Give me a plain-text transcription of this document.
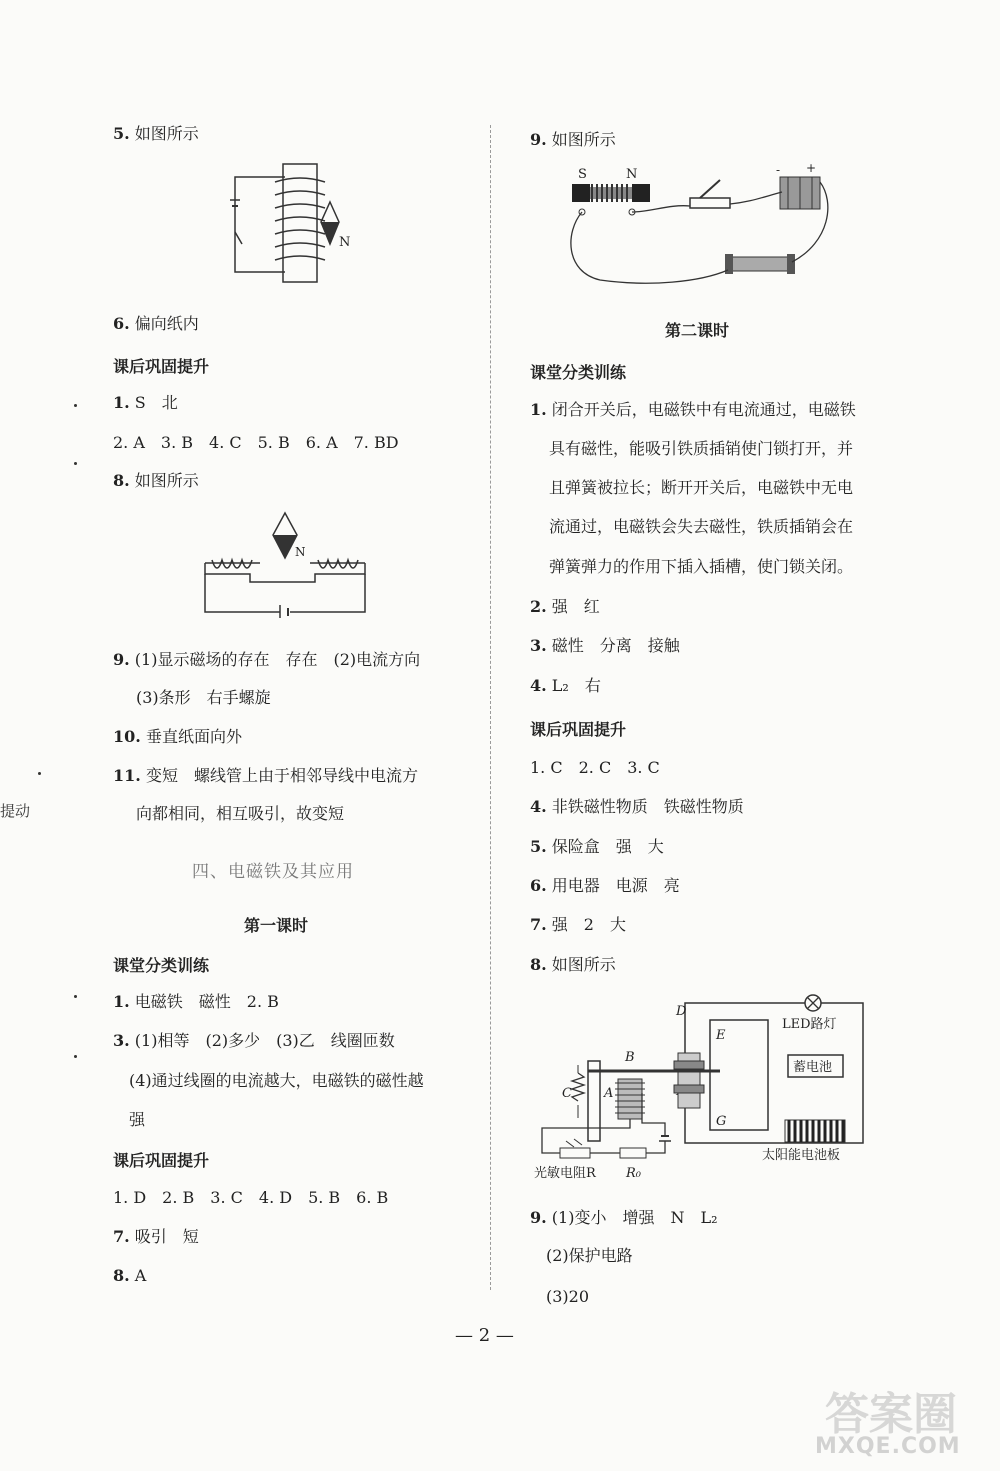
5. 如图所示
N
6. 偏向纸内
课后巩固提升
1. S　北
2. A　3. B　4. C　5. B　6. A　7. BD
8. 如图所示
N
9. (1)显示磁场的存在　存在　(2)电流方向
(3)条形　右手螺旋
10. 垂直纸面向外
11. 变短　螺线管上由于相邻导线中电流方
向都相同，相互吸引，故变短
四、电磁铁及其应用
第一课时
课堂分类训练
1. 电磁铁　磁性　2. B
3. (1)相等　(2)多少　(3)乙　线圈匝数
(4)通过线圈的电流越大，电磁铁的磁性越
强
课后巩固提升
1. D　2. B　3. C　4. D　5. B　6. B
7. 吸引　短
8. A
9. 如图所示
S	N	- +
第二课时
课堂分类训练
1. 闭合开关后，电磁铁中有电流通过，电磁铁
具有磁性，能吸引铁质插销使门锁打开，并
且弹簧被拉长；断开开关后，电磁铁中无电
流通过，电磁铁会失去磁性，铁质插销会在
弹簧弹力的作用下插入插槽，使门锁关闭。
2. 强　红
3. 磁性　分离　接触
4. L₂　右
课后巩固提升
1. C　2. C　3. C
4. 非铁磁性物质　铁磁性物质
5. 保险盒　强　大
6. 用电器　电源　亮
7. 强　2　大
8. 如图所示
LED路灯
蓄电池
太阳能电池板
E
G
D
B
C A
光敏电阻R R₀
9. (1)变小　增强　N　L₂
(2)保护电路
(3)20
— 2 —
提动
答案圈
MXQE.COM
